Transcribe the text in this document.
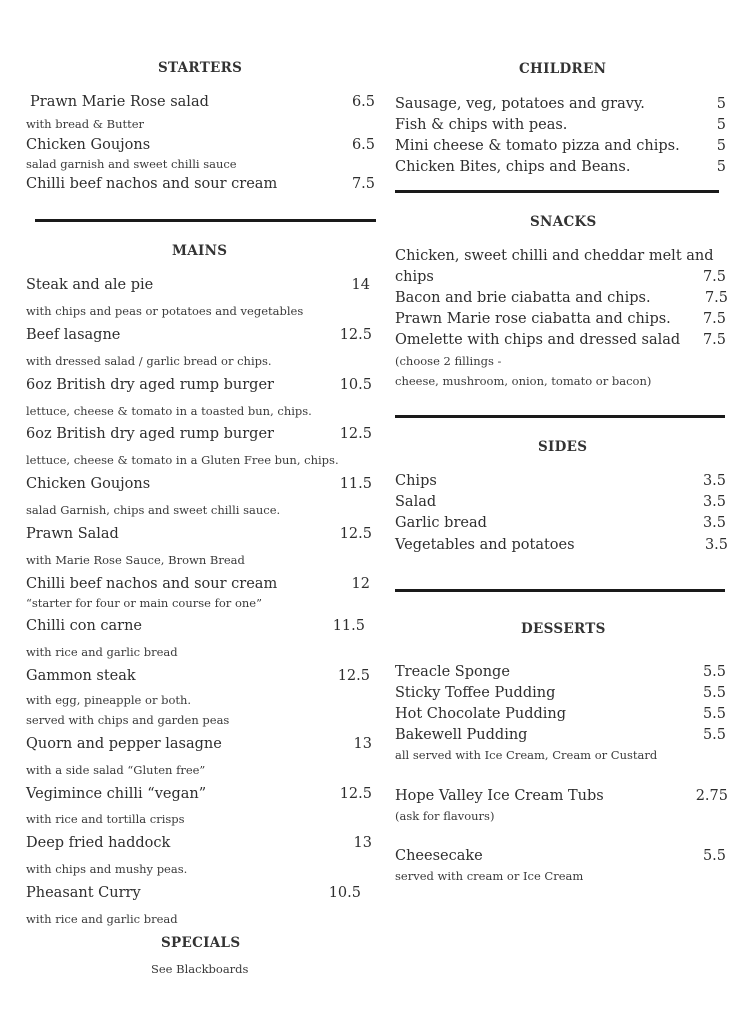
STARTERS
Prawn Marie Rose salad	6.5
with bread & Butter
Chicken Goujons	6.5
salad garnish and sweet chilli sauce
Chilli beef nachos and sour cream	7.5
MAINS
Steak and ale pie	14
with chips and peas or potatoes and vegetables
Beef lasagne	12.5
with dressed salad / garlic bread or chips.
6oz British dry aged rump burger	10.5
lettuce, cheese & tomato in a toasted bun, chips.
6oz British dry aged rump burger	12.5
lettuce, cheese & tomato in a Gluten Free bun, chips.
Chicken Goujons	11.5
salad Garnish, chips and sweet chilli sauce.
Prawn Salad	12.5
with Marie Rose Sauce, Brown Bread
Chilli beef nachos and sour cream	12
“starter for four or main course for one”
Chilli con carne	11.5
with rice and garlic bread
Gammon steak	12.5
with egg, pineapple or both.
served with chips and garden peas
Quorn and pepper lasagne	13
with a side salad “Gluten free”
Vegimince chilli “vegan”	12.5
with rice and tortilla crisps
Deep fried haddock	13
with chips and mushy peas.
Pheasant Curry	10.5
with rice and garlic bread
SPECIALS
See Blackboards
CHILDREN
Sausage, veg, potatoes and gravy.	5
Fish & chips with peas.	5
Mini cheese & tomato pizza and chips.	5
Chicken Bites, chips and Beans.	5
SNACKS
Chicken, sweet chilli and cheddar melt and
chips	7.5
Bacon and brie ciabatta and chips.	7.5
Prawn Marie rose ciabatta and chips.	7.5
Omelette with chips and dressed salad	7.5
(choose 2 fillings -
cheese, mushroom, onion, tomato or bacon)
SIDES
Chips	3.5
Salad	3.5
Garlic bread	3.5
Vegetables and potatoes	3.5
DESSERTS
Treacle Sponge	5.5
Sticky Toffee Pudding	5.5
Hot Chocolate Pudding	5.5
Bakewell Pudding	5.5
all served with Ice Cream, Cream or Custard
Hope Valley Ice Cream Tubs	2.75
(ask for flavours)
Cheesecake	5.5
served with cream or Ice Cream
